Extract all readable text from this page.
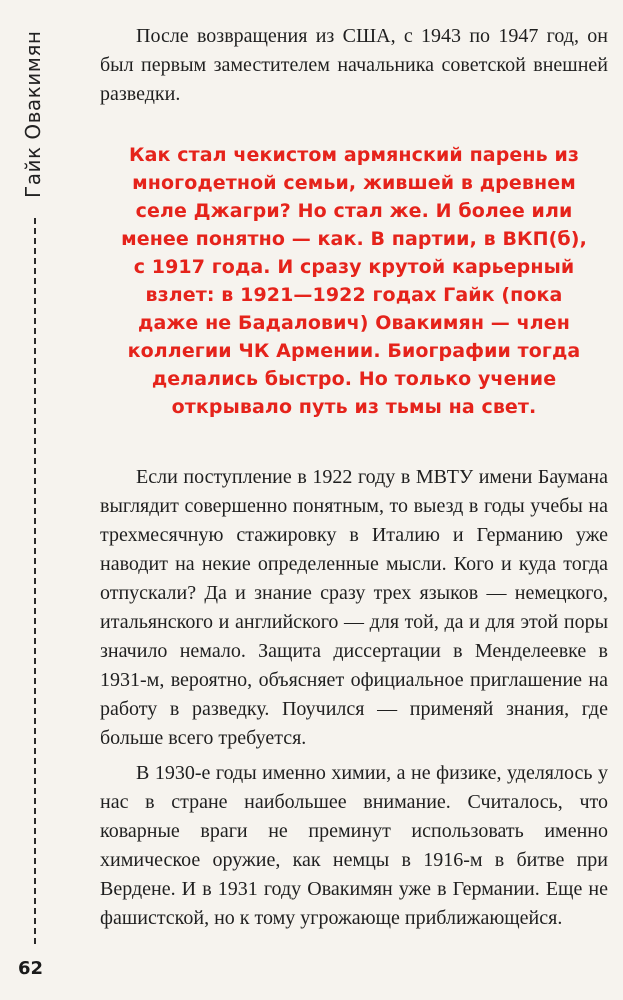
Гайк Овакимян
62

После возвращения из США, с 1943 по 1947 год, он был первым заместителем начальника советской внешней разведки.

Как стал чекистом армянский парень из многодетной семьи, жившей в древнем селе Джагри? Но стал же. И более или менее понятно — как. В партии, в ВКП(б), с 1917 года. И сразу крутой карьерный взлет: в 1921—1922 годах Гайк (пока даже не Бадалович) Овакимян — член коллегии ЧК Армении. Биографии тогда делались быстро. Но только учение открывало путь из тьмы на свет.

Если поступление в 1922 году в МВТУ имени Баумана выглядит совершенно понятным, то выезд в годы учебы на трехмесячную стажировку в Италию и Германию уже наводит на некие определенные мысли. Кого и куда тогда отпускали? Да и знание сразу трех языков — немецкого, итальянского и английского — для той, да и для этой поры значило немало. Защита диссертации в Менделеевке в 1931-м, вероятно, объясняет официальное приглашение на работу в разведку. Поучился — применяй знания, где больше всего требуется.

В 1930-е годы именно химии, а не физике, уделялось у нас в стране наибольшее внимание. Считалось, что коварные враги не преминут использовать именно химическое оружие, как немцы в 1916-м в битве при Вердене. И в 1931 году Овакимян уже в Германии. Еще не фашистской, но к тому угрожающе приближающейся.
